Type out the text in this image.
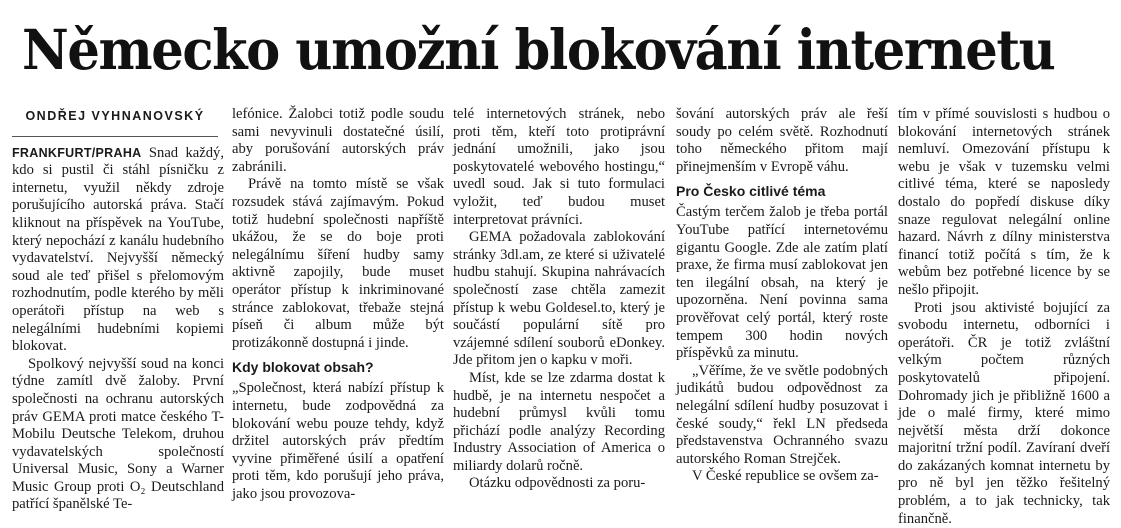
Německo umožní blokování internetu
ONDŘEJ VYHNANOVSKÝ

FRANKFURT/PRAHA Snad každý, kdo si pustil či stáhl písničku z internetu, využil někdy zdroje porušujícího autorská práva. Stačí kliknout na příspěvek na YouTube, který nepochází z kanálu hudebního vydavatelství. Nejvyšší německý soud ale teď přišel s přelomovým rozhodnutím, podle kterého by měli operátoři přístup na web s nelegálními hudebními kopiemi blokovat.

Spolkový nejvyšší soud na konci týdne zamítl dvě žaloby. První společnosti na ochranu autorských práv GEMA proti matce českého T-Mobilu Deutsche Telekom, druhou vydavatelských společností Universal Music, Sony a Warner Music Group proti O₂ Deutschland patřící španělské Te-

lefónice. Žalobci totiž podle soudu sami nevyvinuli dostatečné úsilí, aby porušování autorských práv zabránili.

Právě na tomto místě se však rozsudek stává zajímavým. Pokud totiž hudební společnosti napříště ukážou, že se do boje proti nelegálnímu šíření hudby samy aktivně zapojily, bude muset operátor přístup k inkriminované stránce zablokovat, třebaže stejná píseň či album může být protizákonně dostupná i jinde.

Kdy blokovat obsah?

„Společnost, která nabízí přístup k internetu, bude zodpovědná za blokování webu pouze tehdy, když držitel autorských práv předtím vyvine přiměřené úsilí a opatření proti těm, kdo porušují jeho práva, jako jsou provozova-

telé internetových stránek, nebo proti těm, kteří toto protiprávní jednání umožnili, jako jsou poskytovatelé webového hostingu,“ uvedl soud. Jak si tuto formulaci vyložit, teď budou muset interpretovat právníci.

GEMA požadovala zablokování stránky 3dl.am, ze které si uživatelé hudbu stahují. Skupina nahrávacích společností zase chtěla zamezit přístup k webu Goldesel.to, který je součástí populární sítě pro vzájemné sdílení souborů eDonkey. Jde přitom jen o kapku v moři.

Míst, kde se lze zdarma dostat k hudbě, je na internetu nespočet a hudební průmysl kvůli tomu přichází podle analýzy Recording Industry Association of America o miliardy dolarů ročně.

Otázku odpovědnosti za poru-

šování autorských práv ale řeší soudy po celém světě. Rozhodnutí toho německého přitom mají přinejmenším v Evropě váhu.

Pro Česko citlivé téma

Častým terčem žalob je třeba portál YouTube patřící internetovému gigantu Google. Zde ale zatím platí praxe, že firma musí zablokovat jen ten ilegální obsah, na který je upozorněna. Není povinna sama prověřovat celý portál, který roste tempem 300 hodin nových příspěvků za minutu.

„Věříme, že ve světle podobných judikátů budou odpovědnost za nelegální sdílení hudby posuzovat i české soudy,“ řekl LN předseda představenstva Ochranného svazu autorského Roman Strejček.

V České republice se ovšem za-

tím v přímé souvislosti s hudbou o blokování internetových stránek nemluví. Omezování přístupu k webu je však v tuzemsku velmi citlivé téma, které se naposledy dostalo do popředí diskuse díky snaze regulovat nelegální online hazard. Návrh z dílny ministerstva financí totiž počítá s tím, že k webům bez potřebné licence by se nešlo připojit.

Proti jsou aktivisté bojující za svobodu internetu, odborníci i operátoři. ČR je totiž zvláštní velkým počtem různých poskytovatelů připojení. Dohromady jich je přibližně 1600 a jde o malé firmy, které mimo největší města drží dokonce majoritní tržní podíl. Zavíraní dveří do zakázaných komnat internetu by pro ně byl jen těžko řešitelný problém, a to jak technicky, tak finančně.
